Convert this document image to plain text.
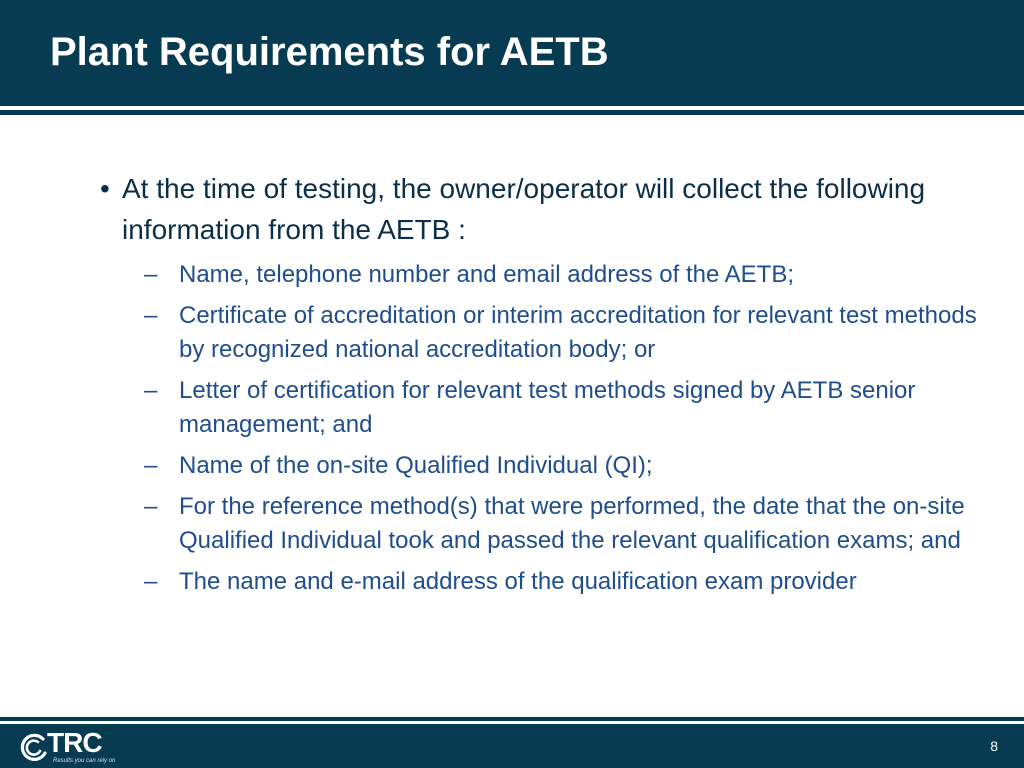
Plant Requirements for AETB
• At the time of testing, the owner/operator will collect the following information from the AETB :
– Name, telephone number and email address of the AETB;
– Certificate of accreditation or interim accreditation for relevant test methods by recognized national accreditation body; or
– Letter of certification for relevant test methods signed by AETB senior management; and
– Name of the on-site Qualified Individual (QI);
– For the reference method(s) that were performed, the date that the on-site Qualified Individual took and passed the relevant qualification exams; and
– The name and e-mail address of the qualification exam provider
TRC
Results you can rely on
8
